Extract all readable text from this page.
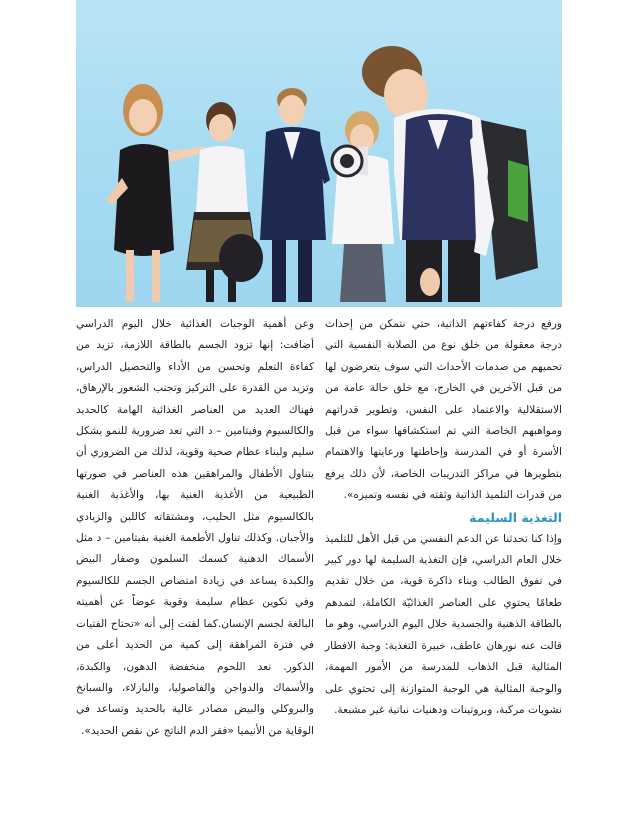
ورفع درجة كفاءتهم الذاتية، حتي نتمكن من إحداث درجة معقولة من خلق نوع من الصلابة النفسية التي تحميهم من صدمات الأحداث التي سوف يتعرضون لها من قبل الآخرين في الخارج، مع خلق حالة عامة من الاستقلالية والاعتماد على النفس، وتطوير قدراتهم ومواهبهم الخاصة التي تم استكشافها سواء من قبل الأسرة أو في المدرسة وإحاطتها ورعايتها والاهتمام بتطويرها في مراكز التدريبات الخاصة، لأن ذلك يرفع من قدرات التلميذ الذاتية وثقته في نفسه وتميزه».

التغذية السليمة

وإذا كنا تحدثنا عن الدعم النفسي من قبل الأهل للتلميذ خلال العام الدراسي، فإن التغذية السليمة لها دور كبير في تفوق الطالب وبناء ذاكرة قوية، من خلال تقديم طعامًا يحتوي على العناصر الغذائيّة الكاملة، لتمدهم بالطاقة الذهنية والجسدية خلال اليوم الدراسي، وهو ما قالت عنه نورهان عاطف، خبيرة التغذية: وجبة الافطار المثالية قبل الذهاب للمدرسة من الأمور المهمة، والوجبة المثالية هي الوجبة المتوازنة إلى تحتوي على نشويات مركبة، وبروتينات ودهنيات نباتية غير مشبعة.

وعن أهمية الوجبات الغذائية خلال اليوم الدراسي أضافت: إنها تزود الجسم بالطاقة اللازمة، تزيد من كفاءة التعلم وتحسن من الأداء والتحصيل الدراس، وتزيد من القدرة على التركيز وتجنب الشعور بالإرهاق، فهناك العديد من العناصر الغذائية الهامة كالحديد والكالسيوم وفيتامين – د التي تعد ضرورية للنمو بشكل سليم ولبناء عظام صحية وقوية، لذلك من الضروري أن يتناول الأطفال والمراهقين هذه العناصر في صورتها الطبيعية من الأغذية الغنية بها، والأغذية الغنية بالكالسيوم مثل الحليب، ومشتقاته كاللبن والزبادي والأجبان. وكذلك تناول الأطعمة الغنية بفيتامين – د مثل الأسماك الدهنية كسمك السلمون وصفار البيض والكبدة يساعد في زيادة امتصاص الجسم للكالسيوم وفي تكوين عظام سليمة وقوية عوضاً عن أهميته البالغة لجسم الإنسان.كما لفتت إلى أنه «تحتاج الفتيات في فترة المراهقة إلى كمية من الحديد أعلى من الذكور. تعد اللحوم منخفضة الدهون، والكبدة، والأسماك والدواجن والفاصوليا، والبازلاء، والسبانخ والبروكلي والبيض مصادر عالية بالحديد وتساعد في الوقاية من الأنيميا «فقر الدم الناتج عن نقص الحديد».
